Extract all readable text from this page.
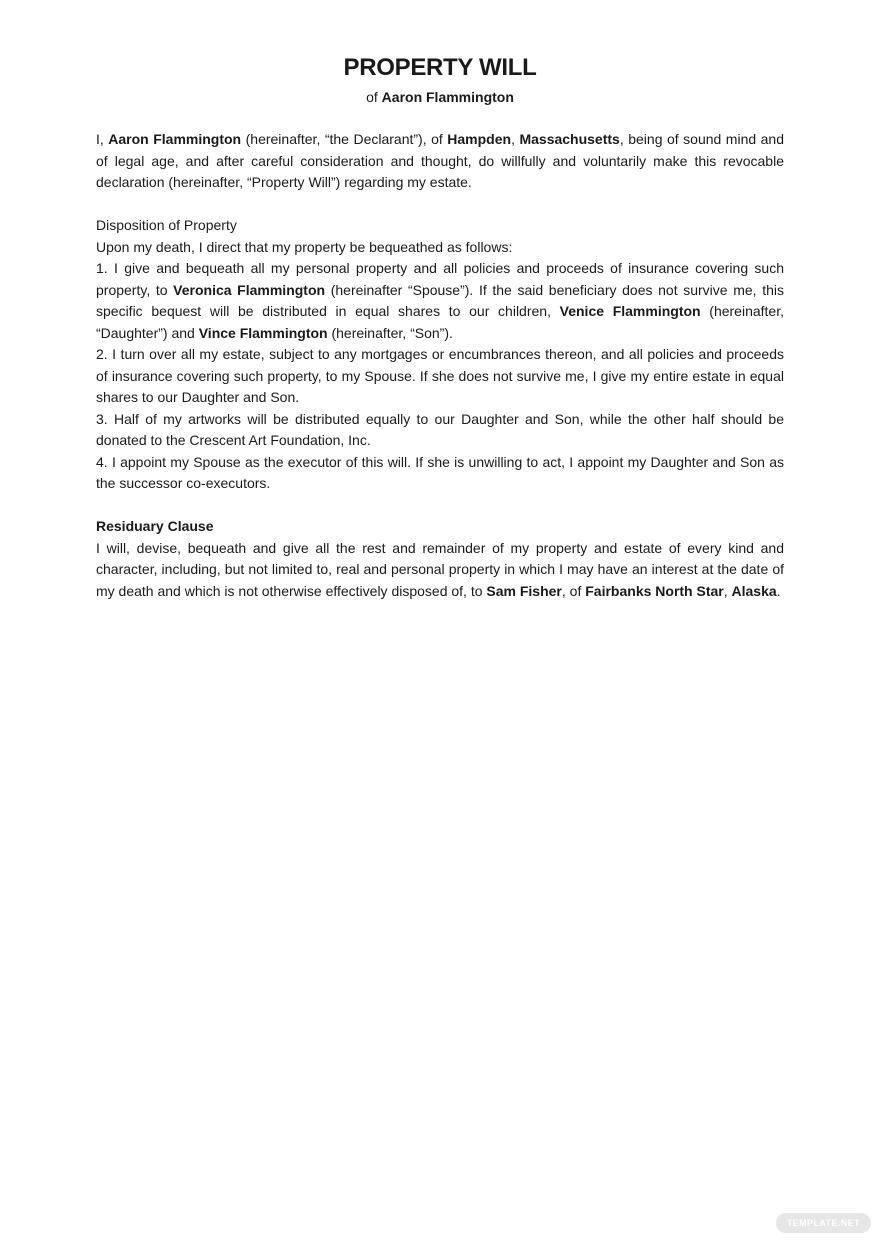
PROPERTY WILL
of Aaron Flammington

I, Aaron Flammington (hereinafter, “the Declarant”), of Hampden, Massachusetts, being of sound mind and of legal age, and after careful consideration and thought, do willfully and voluntarily make this revocable declaration (hereinafter, “Property Will”) regarding my estate.

Disposition of Property

Upon my death, I direct that my property be bequeathed as follows:

1. I give and bequeath all my personal property and all policies and proceeds of insurance covering such property, to Veronica Flammington (hereinafter “Spouse”). If the said beneficiary does not survive me, this specific bequest will be distributed in equal shares to our children, Venice Flammington (hereinafter, “Daughter”) and Vince Flammington (hereinafter, “Son”).

2. I turn over all my estate, subject to any mortgages or encumbrances thereon, and all policies and proceeds of insurance covering such property, to my Spouse. If she does not survive me, I give my entire estate in equal shares to our Daughter and Son.

3. Half of my artworks will be distributed equally to our Daughter and Son, while the other half should be donated to the Crescent Art Foundation, Inc.

4. I appoint my Spouse as the executor of this will. If she is unwilling to act, I appoint my Daughter and Son as the successor co-executors.

Residuary Clause

I will, devise, bequeath and give all the rest and remainder of my property and estate of every kind and character, including, but not limited to, real and personal property in which I may have an interest at the date of my death and which is not otherwise effectively disposed of, to Sam Fisher, of Fairbanks North Star, Alaska.

TEMPLATE.NET
